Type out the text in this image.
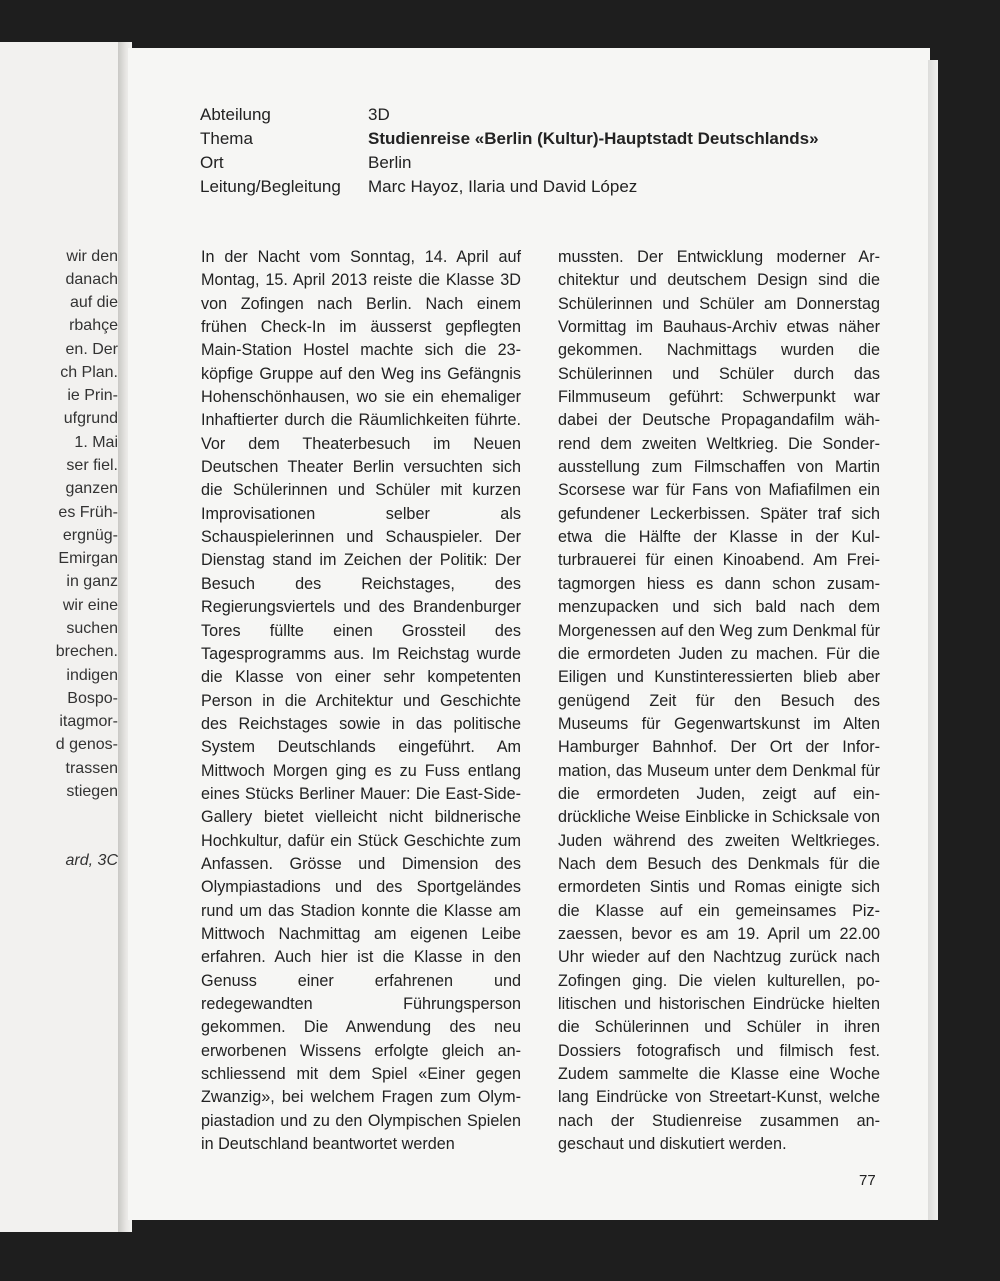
wir den
danach
auf die
rbahçe
en. Der
ch Plan.
ie Prin-
ufgrund
1. Mai
ser fiel.
ganzen
es Früh-
ergnüg-
Emirgan
in ganz
wir eine
suchen
brechen.
indigen
Bospo-
itagmor-
d genos-
trassen
stiegen
ard, 3C
Abteilung	3D
Thema	Studienreise «Berlin (Kultur)-Hauptstadt Deutschlands»
Ort	Berlin
Leitung/Begleitung	Marc Hayoz, Ilaria und David López
In der Nacht vom Sonntag, 14. April auf Montag, 15. April 2013 reiste die Klasse 3D von Zofingen nach Berlin. Nach einem frühen Check-In im äusserst gepflegten Main-Station Hostel machte sich die 23-köpfige Gruppe auf den Weg ins Gefängnis Hohenschönhausen, wo sie ein ehemaliger Inhaftierter durch die Räumlichkeiten führte. Vor dem Theaterbesuch im Neuen Deutschen Theater Berlin versuchten sich die Schülerinnen und Schüler mit kurzen Improvisationen selber als Schauspielerinnen und Schauspieler. Der Dienstag stand im Zeichen der Politik: Der Besuch des Reichstages, des Regierungsviertels und des Brandenburger Tores füllte einen Grossteil des Tagesprogramms aus. Im Reichstag wurde die Klasse von einer sehr kompetenten Person in die Architektur und Geschichte des Reichstages sowie in das politische System Deutschlands eingeführt. Am Mittwoch Morgen ging es zu Fuss entlang eines Stücks Berliner Mauer: Die East-Side-Gallery bietet vielleicht nicht bildnerische Hochkultur, dafür ein Stück Geschichte zum Anfassen. Grösse und Dimension des Olympiastadions und des Sportgeländes rund um das Stadion konnte die Klasse am Mittwoch Nachmittag am eigenen Leibe erfahren. Auch hier ist die Klasse in den Genuss einer erfahrenen und redegewandten Führungsperson gekommen. Die Anwendung des neu erworbenen Wissens erfolgte gleich anschliessend mit dem Spiel «Einer gegen Zwanzig», bei welchem Fragen zum Olympiastadion und zu den Olympischen Spielen in Deutschland beantwortet werden
mussten. Der Entwicklung moderner Architektur und deutschem Design sind die Schülerinnen und Schüler am Donnerstag Vormittag im Bauhaus-Archiv etwas näher gekommen. Nachmittags wurden die Schülerinnen und Schüler durch das Filmmuseum geführt: Schwerpunkt war dabei der Deutsche Propagandafilm während dem zweiten Weltkrieg. Die Sonderausstellung zum Filmschaffen von Martin Scorsese war für Fans von Mafiafilmen ein gefundener Leckerbissen. Später traf sich etwa die Hälfte der Klasse in der Kulturbrauerei für einen Kinoabend. Am Freitagmorgen hiess es dann schon zusammenzupacken und sich bald nach dem Morgenessen auf den Weg zum Denkmal für die ermordeten Juden zu machen. Für die Eiligen und Kunstinteressierten blieb aber genügend Zeit für den Besuch des Museums für Gegenwartskunst im Alten Hamburger Bahnhof. Der Ort der Information, das Museum unter dem Denkmal für die ermordeten Juden, zeigt auf eindrückliche Weise Einblicke in Schicksale von Juden während des zweiten Weltkrieges. Nach dem Besuch des Denkmals für die ermordeten Sintis und Romas einigte sich die Klasse auf ein gemeinsames Pizzaessen, bevor es am 19. April um 22.00 Uhr wieder auf den Nachtzug zurück nach Zofingen ging. Die vielen kulturellen, politischen und historischen Eindrücke hielten die Schülerinnen und Schüler in ihren Dossiers fotografisch und filmisch fest. Zudem sammelte die Klasse eine Woche lang Eindrücke von Streetart-Kunst, welche nach der Studienreise zusammen angeschaut und diskutiert werden.
77
